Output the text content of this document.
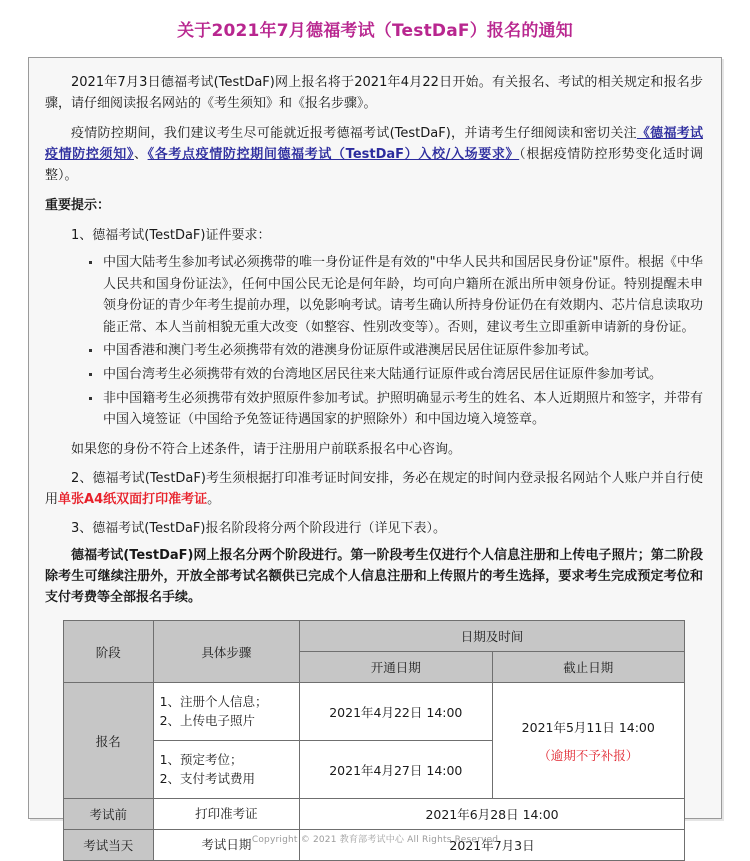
关于2021年7月德福考试（TestDaF）报名的通知

2021年7月3日德福考试(TestDaF)网上报名将于2021年4月22日开始。有关报名、考试的相关规定和报名步骤，请仔细阅读报名网站的《考生须知》和《报名步骤》。

疫情防控期间，我们建议考生尽可能就近报考德福考试(TestDaF)，并请考生仔细阅读和密切关注《德福考试疫情防控须知》、《各考点疫情防控期间德福考试（TestDaF）入校/入场要求》（根据疫情防控形势变化适时调整）。

重要提示：

1、德福考试(TestDaF)证件要求：

中国大陆考生参加考试必须携带的唯一身份证件是有效的"中华人民共和国居民身份证"原件。根据《中华人民共和国身份证法》，任何中国公民无论是何年龄，均可向户籍所在派出所申领身份证。特别提醒未申领身份证的青少年考生提前办理，以免影响考试。请考生确认所持身份证仍在有效期内、芯片信息读取功能正常、本人当前相貌无重大改变（如整容、性别改变等）。否则，建议考生立即重新申请新的身份证。
中国香港和澳门考生必须携带有效的港澳身份证原件或港澳居民居住证原件参加考试。
中国台湾考生必须携带有效的台湾地区居民往来大陆通行证原件或台湾居民居住证原件参加考试。
非中国籍考生必须携带有效护照原件参加考试。护照明确显示考生的姓名、本人近期照片和签字，并带有中国入境签证（中国给予免签证待遇国家的护照除外）和中国边境入境签章。

如果您的身份不符合上述条件，请于注册用户前联系报名中心咨询。

2、德福考试(TestDaF)考生须根据打印准考证时间安排，务必在规定的时间内登录报名网站个人账户并自行使用单张A4纸双面打印准考证。

3、德福考试(TestDaF)报名阶段将分两个阶段进行（详见下表）。

德福考试(TestDaF)网上报名分两个阶段进行。第一阶段考生仅进行个人信息注册和上传电子照片；第二阶段除考生可继续注册外，开放全部考试名额供已完成个人信息注册和上传照片的考生选择，要求考生完成预定考位和支付考费等全部报名手续。

阶段	具体步骤	日期及时间	
		开通日期	截止日期
报名	1、注册个人信息；
2、上传电子照片	2021年4月22日 14:00	2021年5月11日 14:00
（逾期不予补报）

	1、预定考位；
2、支付考试费用	2021年4月27日 14:00	
考试前	打印准考证	2021年6月28日 14:00	
考试当天	考试日期	2021年7月3日	
Copyright © 2021 教育部考试中心 All Rights Reserved
